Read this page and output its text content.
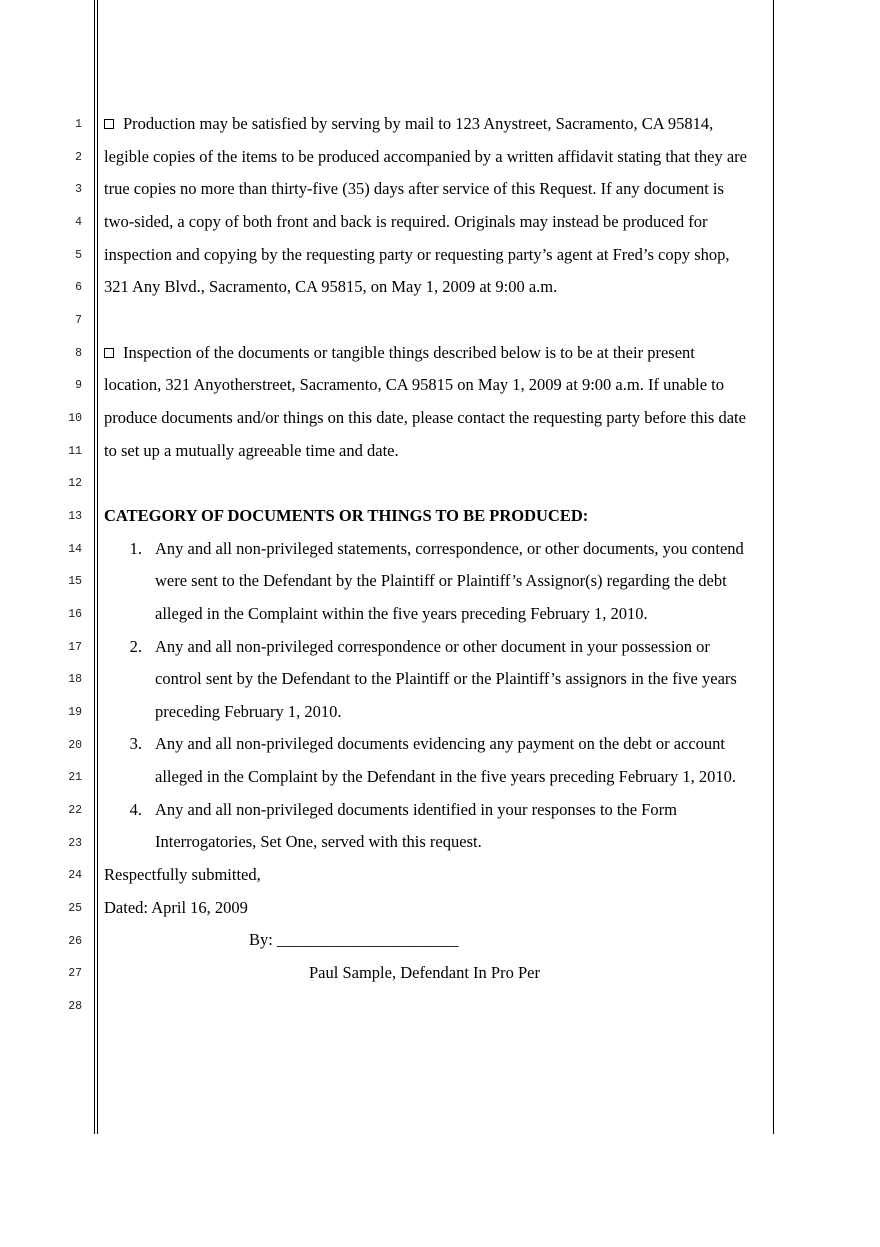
1
2
3
4
5
6
7
8
9
10
11
12
13
14
15
16
17
18
19
20
21
22
23
24
25
26
27
28
Production may be satisfied by serving by mail to 123 Anystreet, Sacramento, CA 95814,
legible copies of the items to be produced accompanied by a written affidavit stating that they are
true copies no more than thirty-five (35) days after service of this Request. If any document is
two-sided, a copy of both front and back is required. Originals may instead be produced for
inspection and copying by the requesting party or requesting party’s agent at Fred’s copy shop,
321 Any Blvd., Sacramento, CA 95815, on May 1, 2009 at 9:00 a.m.
Inspection of the documents or tangible things described below is to be at their present
location, 321 Anyotherstreet, Sacramento, CA 95815 on May 1, 2009 at 9:00 a.m. If unable to
produce documents and/or things on this date, please contact the requesting party before this date
to set up a mutually agreeable time and date.
CATEGORY OF DOCUMENTS OR THINGS TO BE PRODUCED:
1. Any and all non-privileged statements, correspondence, or other documents, you contend
were sent to the Defendant by the Plaintiff or Plaintiff’s Assignor(s) regarding the debt
alleged in the Complaint within the five years preceding February 1, 2010.
2. Any and all non-privileged correspondence or other document in your possession or
control sent by the Defendant to the Plaintiff or the Plaintiff’s assignors in the five years
preceding February 1, 2010.
3. Any and all non-privileged documents evidencing any payment on the debt or account
alleged in the Complaint by the Defendant in the five years preceding February 1, 2010.
4. Any and all non-privileged documents identified in your responses to the Form
Interrogatories, Set One, served with this request.
Respectfully submitted,
Dated: April 16, 2009
By: ______________________
Paul Sample, Defendant In Pro Per
